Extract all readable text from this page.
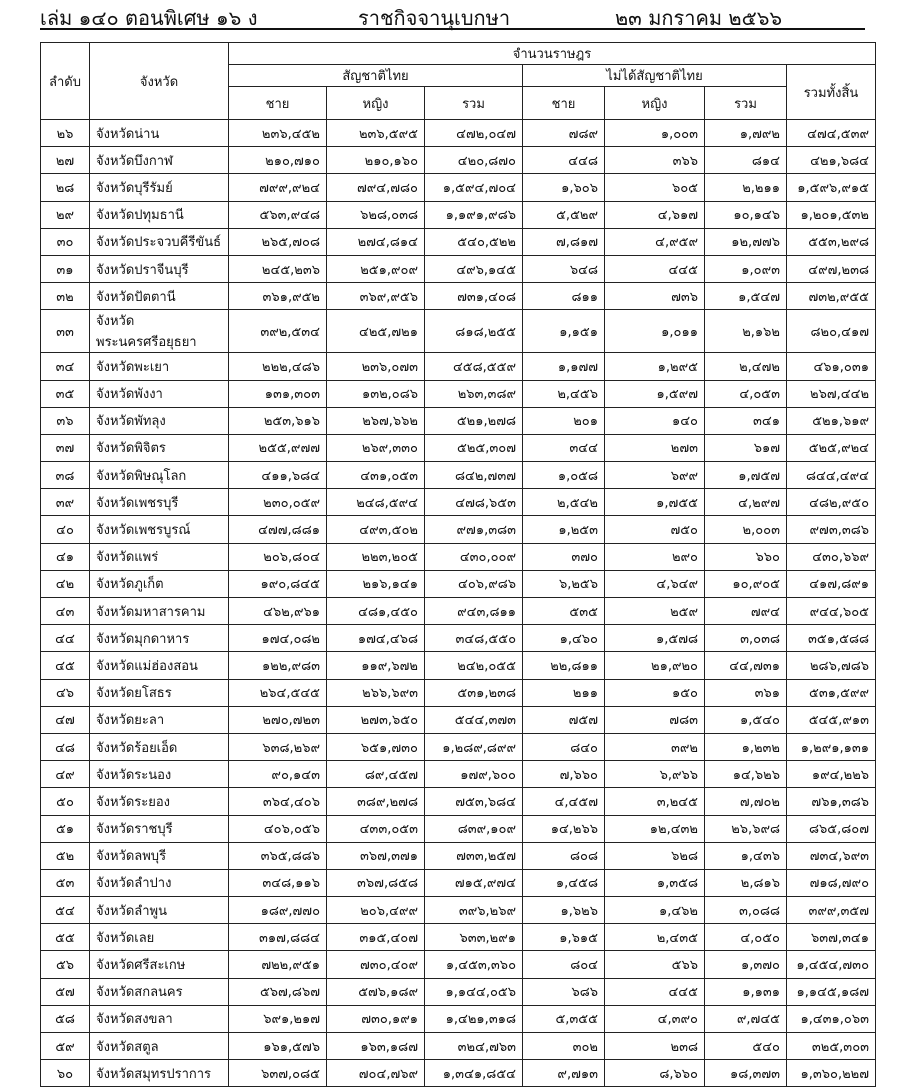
เล่ม ๑๔๐ ตอนพิเศษ ๑๖ ง	ราชกิจจานุเบกษา	๒๓ มกราคม ๒๕๖๖
ลำดับ	จังหวัด	จำนวนราษฎร						
		สัญชาติไทย			ไม่ได้สัญชาติไทย			รวมทั้งสิ้น
		ชาย	หญิง	รวม	ชาย	หญิง	รวม	
๒๖	จังหวัดน่าน	๒๓๖,๔๕๒	๒๓๖,๕๙๕	๔๗๒,๐๔๗	๗๘๙	๑,๐๐๓	๑,๗๙๒	๔๗๔,๕๓๙
๒๗	จังหวัดบึงกาฬ	๒๑๐,๗๑๐	๒๑๐,๑๖๐	๔๒๐,๘๗๐	๔๔๘	๓๖๖	๘๑๔	๔๒๑,๖๘๔
๒๘	จังหวัดบุรีรัมย์	๗๙๙,๙๒๔	๗๙๔,๗๘๐	๑,๕๙๔,๗๐๔	๑,๖๐๖	๖๐๕	๒,๒๑๑	๑,๕๙๖,๙๑๕
๒๙	จังหวัดปทุมธานี	๕๖๓,๙๔๘	๖๒๘,๐๓๘	๑,๑๙๑,๙๘๖	๕,๕๒๙	๔,๖๑๗	๑๐,๑๔๖	๑,๒๐๑,๕๓๒
๓๐	จังหวัดประจวบคีรีขันธ์	๒๖๕,๗๐๘	๒๗๔,๘๑๔	๕๔๐,๕๒๒	๗,๘๑๗	๔,๙๕๙	๑๒,๗๗๖	๕๕๓,๒๙๘
๓๑	จังหวัดปราจีนบุรี	๒๔๕,๒๓๖	๒๕๑,๙๐๙	๔๙๖,๑๔๕	๖๔๘	๔๔๕	๑,๐๙๓	๔๙๗,๒๓๘
๓๒	จังหวัดปัตตานี	๓๖๑,๙๕๒	๓๖๙,๙๕๖	๗๓๑,๔๐๘	๘๑๑	๗๓๖	๑,๕๔๗	๗๓๒,๙๕๕
๓๓	จังหวัดพระนครศรีอยุธยา	๓๙๒,๕๓๔	๔๒๕,๗๒๑	๘๑๘,๒๕๕	๑,๑๕๑	๑,๐๑๑	๒,๑๖๒	๘๒๐,๔๑๗
๓๔	จังหวัดพะเยา	๒๒๒,๔๘๖	๒๓๖,๐๗๓	๔๕๘,๕๕๙	๑,๑๗๗	๑,๒๙๕	๒,๔๗๒	๔๖๑,๐๓๑
๓๕	จังหวัดพังงา	๑๓๑,๓๐๓	๑๓๒,๐๘๖	๒๖๓,๓๘๙	๒,๔๕๖	๑,๕๙๗	๔,๐๕๓	๒๖๗,๔๔๒
๓๖	จังหวัดพัทลุง	๒๕๓,๖๑๖	๒๖๗,๖๖๒	๕๒๑,๒๗๘	๒๐๑	๑๔๐	๓๔๑	๕๒๑,๖๑๙
๓๗	จังหวัดพิจิตร	๒๕๕,๙๗๗	๒๖๙,๓๓๐	๕๒๕,๓๐๗	๓๔๔	๒๗๓	๖๑๗	๕๒๕,๙๒๔
๓๘	จังหวัดพิษณุโลก	๔๑๑,๖๘๔	๔๓๑,๐๕๓	๘๔๒,๗๓๗	๑,๐๕๘	๖๙๙	๑,๗๕๗	๘๔๔,๔๙๔
๓๙	จังหวัดเพชรบุรี	๒๓๐,๐๕๙	๒๔๘,๕๙๔	๔๗๘,๖๕๓	๒,๕๔๒	๑,๗๕๕	๔,๒๙๗	๔๘๒,๙๕๐
๔๐	จังหวัดเพชรบูรณ์	๔๗๗,๘๘๑	๔๙๓,๕๐๒	๙๗๑,๓๘๓	๑,๒๕๓	๗๕๐	๒,๐๐๓	๙๗๓,๓๘๖
๔๑	จังหวัดแพร่	๒๐๖,๘๐๔	๒๒๓,๒๐๕	๔๓๐,๐๐๙	๓๗๐	๒๙๐	๖๖๐	๔๓๐,๖๖๙
๔๒	จังหวัดภูเก็ต	๑๙๐,๘๔๕	๒๑๖,๑๔๑	๔๐๖,๙๘๖	๖,๒๕๖	๔,๖๔๙	๑๐,๙๐๕	๔๑๗,๘๙๑
๔๓	จังหวัดมหาสารคาม	๔๖๒,๙๖๑	๔๘๑,๔๕๐	๙๔๓,๘๑๑	๕๓๕	๒๕๙	๗๙๔	๙๔๔,๖๐๕
๔๔	จังหวัดมุกดาหาร	๑๗๔,๐๘๒	๑๗๔,๔๖๘	๓๔๘,๕๕๐	๑,๔๖๐	๑,๕๗๘	๓,๐๓๘	๓๕๑,๕๘๘
๔๕	จังหวัดแม่ฮ่องสอน	๑๒๒,๙๘๓	๑๑๙,๖๗๒	๒๔๒,๐๕๕	๒๒,๘๑๑	๒๑,๙๒๐	๔๔,๗๓๑	๒๘๖,๗๘๖
๔๖	จังหวัดยโสธร	๒๖๔,๕๔๕	๒๖๖,๖๙๓	๕๓๑,๒๓๘	๒๑๑	๑๕๐	๓๖๑	๕๓๑,๕๙๙
๔๗	จังหวัดยะลา	๒๗๐,๗๒๓	๒๗๓,๖๕๐	๕๔๔,๓๗๓	๗๕๗	๗๘๓	๑,๕๔๐	๕๔๕,๙๑๓
๔๘	จังหวัดร้อยเอ็ด	๖๓๘,๒๖๙	๖๕๑,๗๓๐	๑,๒๘๙,๘๙๙	๘๔๐	๓๙๒	๑,๒๓๒	๑,๒๙๑,๑๓๑
๔๙	จังหวัดระนอง	๙๐,๑๔๓	๘๙,๔๕๗	๑๗๙,๖๐๐	๗,๖๖๐	๖,๙๖๖	๑๔,๖๒๖	๑๙๔,๒๒๖
๕๐	จังหวัดระยอง	๓๖๔,๔๐๖	๓๘๙,๒๗๘	๗๕๓,๖๘๔	๔,๔๕๗	๓,๒๔๕	๗,๗๐๒	๗๖๑,๓๘๖
๕๑	จังหวัดราชบุรี	๔๐๖,๐๕๖	๔๓๓,๐๕๓	๘๓๙,๑๐๙	๑๔,๒๖๖	๑๒,๔๓๒	๒๖,๖๙๘	๘๖๕,๘๐๗
๕๒	จังหวัดลพบุรี	๓๖๕,๘๘๖	๓๖๗,๓๗๑	๗๓๓,๒๕๗	๘๐๘	๖๒๘	๑,๔๓๖	๗๓๔,๖๙๓
๕๓	จังหวัดลำปาง	๓๔๘,๑๑๖	๓๖๗,๘๕๘	๗๑๕,๙๗๔	๑,๔๕๘	๑,๓๕๘	๒,๘๑๖	๗๑๘,๗๙๐
๕๔	จังหวัดลำพูน	๑๘๙,๗๗๐	๒๐๖,๔๙๙	๓๙๖,๒๖๙	๑,๖๒๖	๑,๔๖๒	๓,๐๘๘	๓๙๙,๓๕๗
๕๕	จังหวัดเลย	๓๑๗,๘๘๔	๓๑๕,๔๐๗	๖๓๓,๒๙๑	๑,๖๑๕	๒,๔๓๕	๔,๐๕๐	๖๓๗,๓๔๑
๕๖	จังหวัดศรีสะเกษ	๗๒๒,๙๕๑	๗๓๐,๔๐๙	๑,๔๕๓,๓๖๐	๘๐๔	๕๖๖	๑,๓๗๐	๑,๔๕๔,๗๓๐
๕๗	จังหวัดสกลนคร	๕๖๗,๘๖๗	๕๗๖,๑๘๙	๑,๑๔๔,๐๕๖	๖๘๖	๔๔๕	๑,๑๓๑	๑,๑๔๕,๑๘๗
๕๘	จังหวัดสงขลา	๖๙๑,๒๑๗	๗๓๐,๑๙๑	๑,๔๒๑,๓๑๘	๕,๓๕๕	๔,๓๙๐	๙,๗๔๕	๑,๔๓๑,๐๖๓
๕๙	จังหวัดสตูล	๑๖๑,๕๗๖	๑๖๓,๑๘๗	๓๒๔,๗๖๓	๓๐๒	๒๓๘	๕๔๐	๓๒๕,๓๐๓
๖๐	จังหวัดสมุทรปราการ	๖๓๗,๐๘๕	๗๐๔,๗๖๙	๑,๓๔๑,๘๕๔	๙,๗๑๓	๘,๖๖๐	๑๘,๓๗๓	๑,๓๖๐,๒๒๗
